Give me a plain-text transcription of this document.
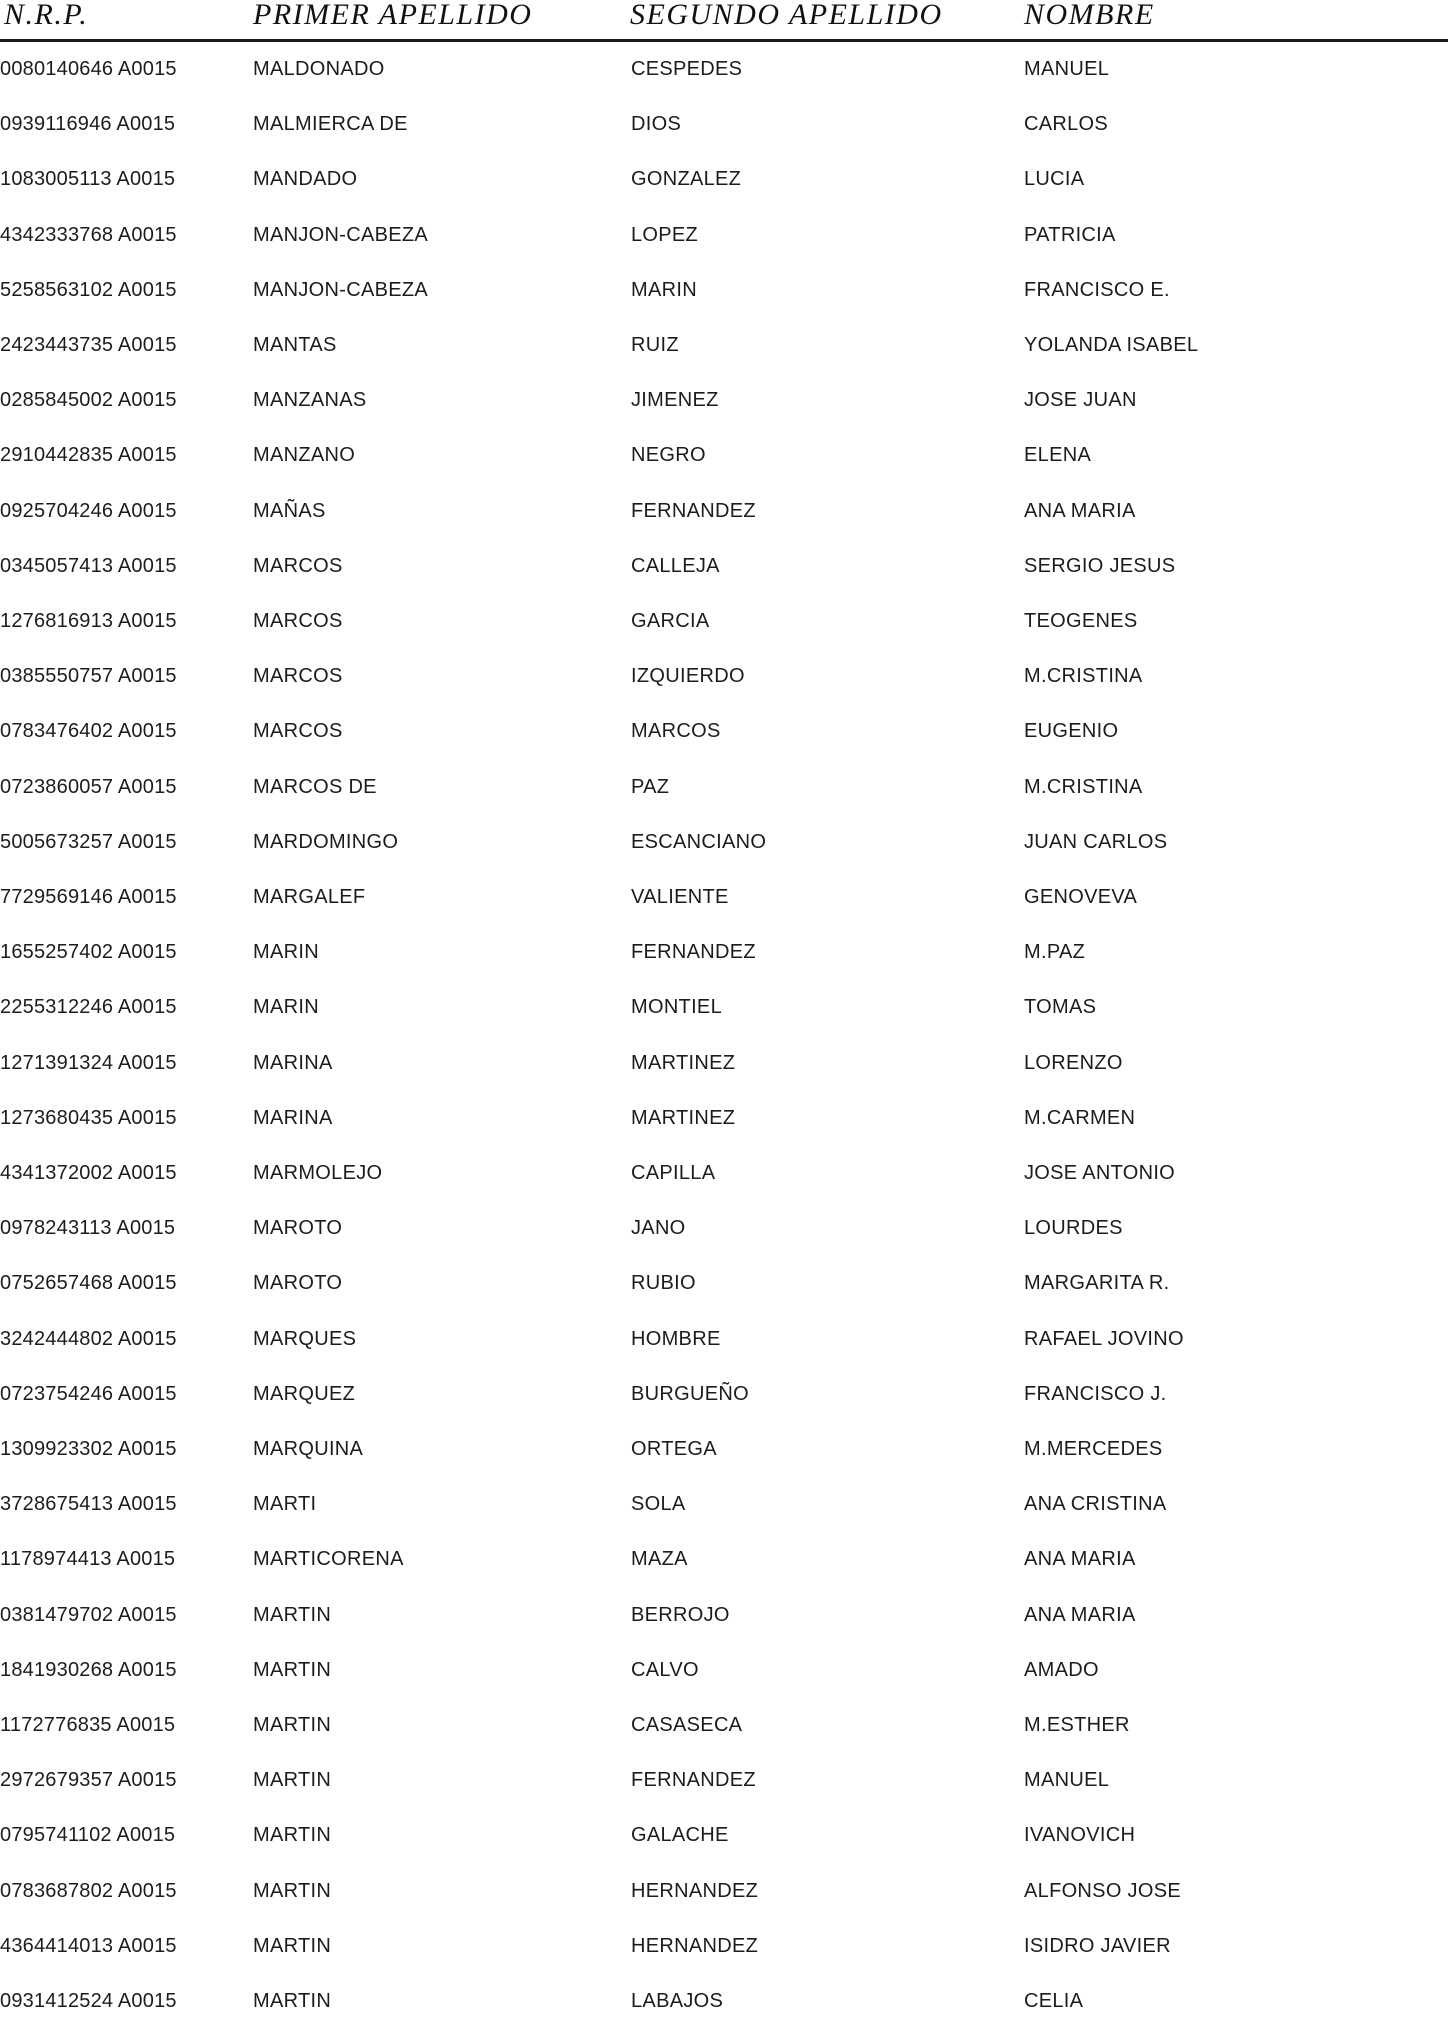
N.R.P.	PRIMER APELLIDO	SEGUNDO APELLIDO	NOMBRE
0080140646 A0015	MALDONADO	CESPEDES	MANUEL
0939116946 A0015	MALMIERCA DE	DIOS	CARLOS
1083005113 A0015	MANDADO	GONZALEZ	LUCIA
4342333768 A0015	MANJON-CABEZA	LOPEZ	PATRICIA
5258563102 A0015	MANJON-CABEZA	MARIN	FRANCISCO E.
2423443735 A0015	MANTAS	RUIZ	YOLANDA ISABEL
0285845002 A0015	MANZANAS	JIMENEZ	JOSE JUAN
2910442835 A0015	MANZANO	NEGRO	ELENA
0925704246 A0015	MAÑAS	FERNANDEZ	ANA MARIA
0345057413 A0015	MARCOS	CALLEJA	SERGIO JESUS
1276816913 A0015	MARCOS	GARCIA	TEOGENES
0385550757 A0015	MARCOS	IZQUIERDO	M.CRISTINA
0783476402 A0015	MARCOS	MARCOS	EUGENIO
0723860057 A0015	MARCOS DE	PAZ	M.CRISTINA
5005673257 A0015	MARDOMINGO	ESCANCIANO	JUAN CARLOS
7729569146 A0015	MARGALEF	VALIENTE	GENOVEVA
1655257402 A0015	MARIN	FERNANDEZ	M.PAZ
2255312246 A0015	MARIN	MONTIEL	TOMAS
1271391324 A0015	MARINA	MARTINEZ	LORENZO
1273680435 A0015	MARINA	MARTINEZ	M.CARMEN
4341372002 A0015	MARMOLEJO	CAPILLA	JOSE ANTONIO
0978243113 A0015	MAROTO	JANO	LOURDES
0752657468 A0015	MAROTO	RUBIO	MARGARITA R.
3242444802 A0015	MARQUES	HOMBRE	RAFAEL JOVINO
0723754246 A0015	MARQUEZ	BURGUEÑO	FRANCISCO J.
1309923302 A0015	MARQUINA	ORTEGA	M.MERCEDES
3728675413 A0015	MARTI	SOLA	ANA CRISTINA
1178974413 A0015	MARTICORENA	MAZA	ANA MARIA
0381479702 A0015	MARTIN	BERROJO	ANA MARIA
1841930268 A0015	MARTIN	CALVO	AMADO
1172776835 A0015	MARTIN	CASASECA	M.ESTHER
2972679357 A0015	MARTIN	FERNANDEZ	MANUEL
0795741102 A0015	MARTIN	GALACHE	IVANOVICH
0783687802 A0015	MARTIN	HERNANDEZ	ALFONSO JOSE
4364414013 A0015	MARTIN	HERNANDEZ	ISIDRO JAVIER
0931412524 A0015	MARTIN	LABAJOS	CELIA
